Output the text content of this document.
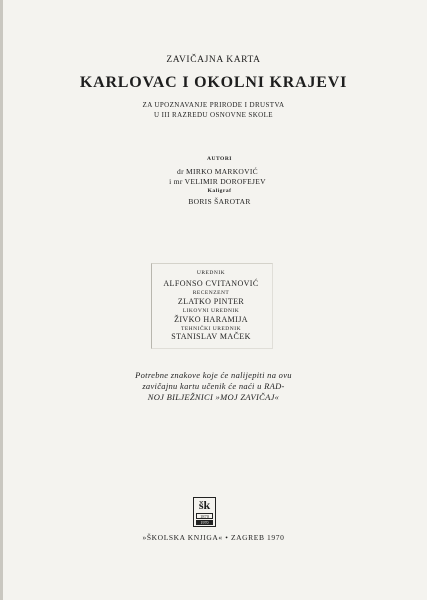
ZAVIČAJNA KARTA
KARLOVAC I OKOLNI KRAJEVI
ZA UPOZNAVANJE PRIRODE I DRUSTVA
U III RAZREDU OSNOVNE SKOLE
AUTORI
dr MIRKO MARKOVIĆ
i mr VELIMIR DOROFEJEV
Kaligraf
BORIS ŠAROTAR
UREDNIK
ALFONSO CVITANOVIĆ
RECENZENT
ZLATKO PINTER
LIKOVNI UREDNIK
ŽIVKO HARAMIJA
TEHNIČKI UREDNIK
STANISLAV MAČEK
Potrebne znakove koje će nalijepiti na ovu
zavičajnu kartu učenik će naći u RAD-
NOJ BILJEŽNICI »MOJ ZAVIČAJ«
šk
1870
1970
»ŠKOLSKA KNJIGA« • ZAGREB 1970
